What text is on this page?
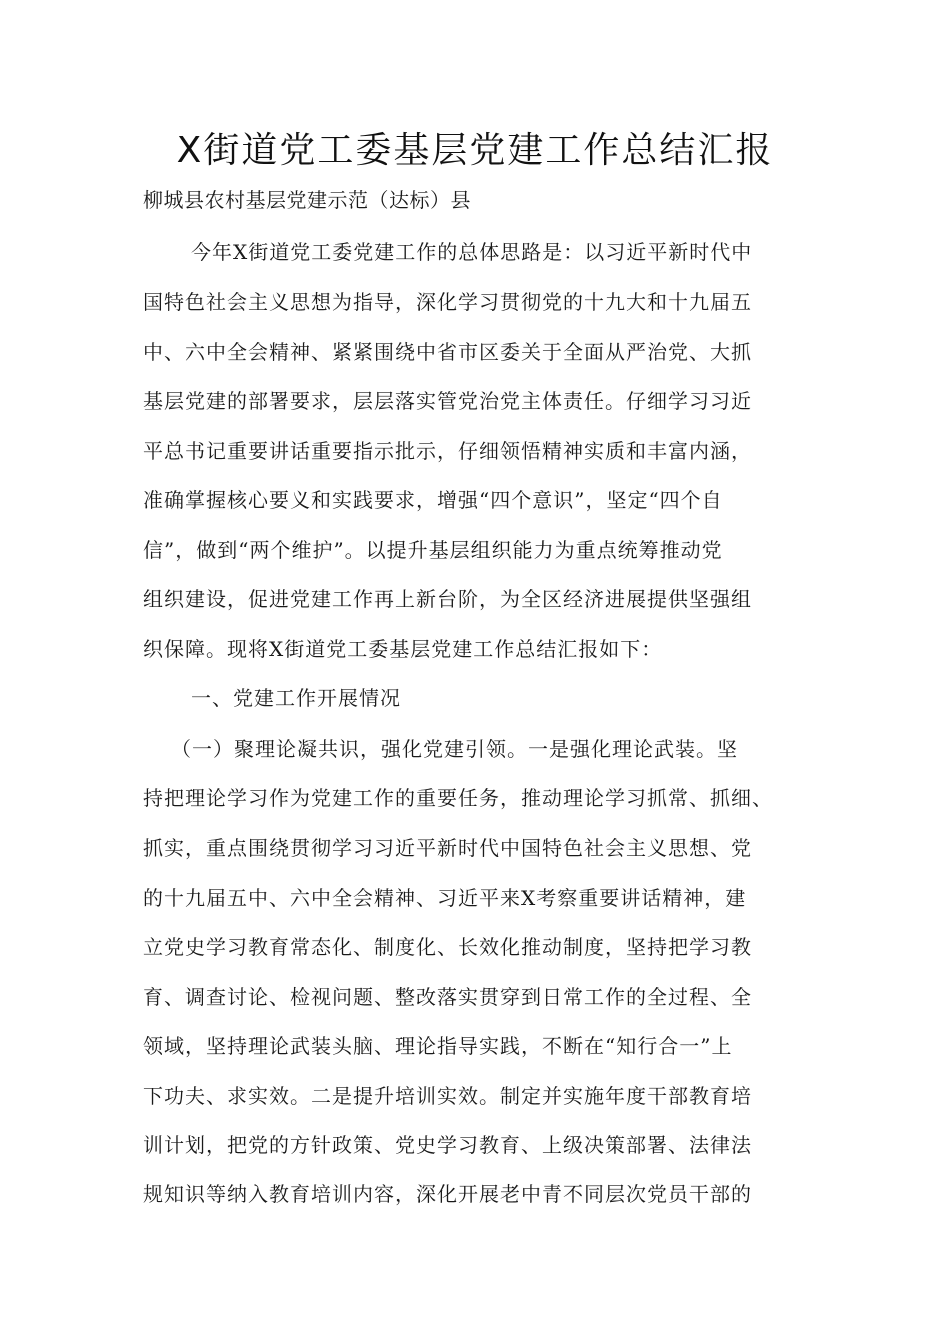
X街道党工委基层党建工作总结汇报
柳城县农村基层党建示范（达标）县
今年X街道党工委党建工作的总体思路是：以习近平新时代中
国特色社会主义思想为指导，深化学习贯彻党的十九大和十九届五
中、六中全会精神、紧紧围绕中省市区委关于全面从严治党、大抓
基层党建的部署要求，层层落实管党治党主体责任。仔细学习习近
平总书记重要讲话重要指示批示，仔细领悟精神实质和丰富内涵，
准确掌握核心要义和实践要求，增强“四个意识”，坚定“四个自
信”，做到“两个维护”。以提升基层组织能力为重点统筹推动党
组织建设，促进党建工作再上新台阶，为全区经济进展提供坚强组
织保障。现将X街道党工委基层党建工作总结汇报如下：
一、党建工作开展情况
（一）聚理论凝共识，强化党建引领。一是强化理论武装。坚
持把理论学习作为党建工作的重要任务，推动理论学习抓常、抓细、
抓实，重点围绕贯彻学习习近平新时代中国特色社会主义思想、党
的十九届五中、六中全会精神、习近平来X考察重要讲话精神，建
立党史学习教育常态化、制度化、长效化推动制度，坚持把学习教
育、调查讨论、检视问题、整改落实贯穿到日常工作的全过程、全
领域，坚持理论武装头脑、理论指导实践，不断在“知行合一”上
下功夫、求实效。二是提升培训实效。制定并实施年度干部教育培
训计划，把党的方针政策、党史学习教育、上级决策部署、法律法
规知识等纳入教育培训内容，深化开展老中青不同层次党员干部的
